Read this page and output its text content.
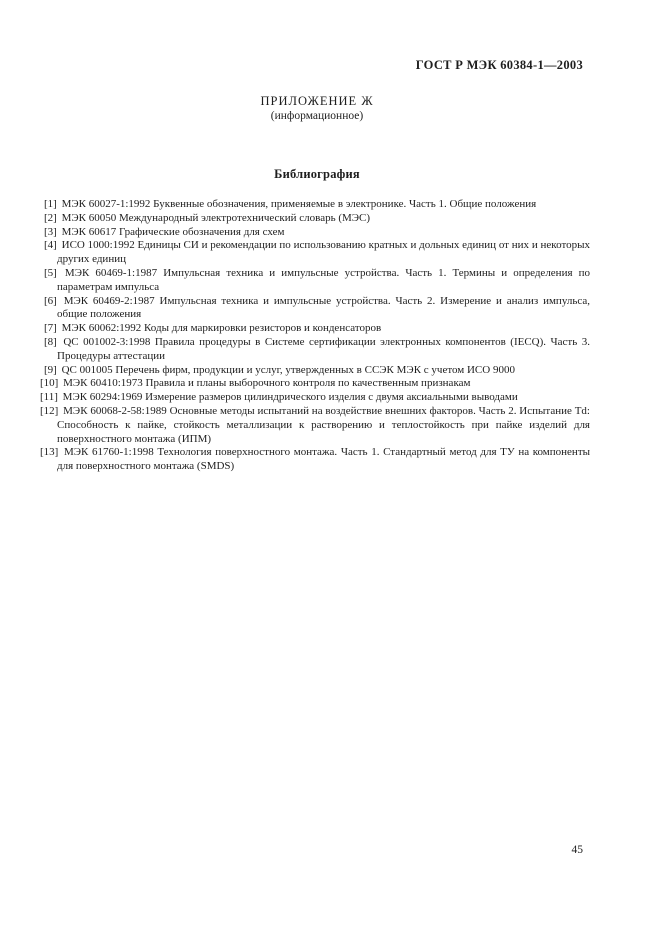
ГОСТ Р МЭК 60384-1—2003
ПРИЛОЖЕНИЕ Ж
(информационное)
Библиография

[1] МЭК 60027-1:1992 Буквенные обозначения, применяемые в электронике. Часть 1. Общие положения

[2] МЭК 60050 Международный электротехнический словарь (МЭС)

[3] МЭК 60617 Графические обозначения для схем

[4] ИСО 1000:1992 Единицы СИ и рекомендации по использованию кратных и дольных единиц от них и некоторых других единиц

[5] МЭК 60469-1:1987 Импульсная техника и импульсные устройства. Часть 1. Термины и определения по параметрам импульса

[6] МЭК 60469-2:1987 Импульсная техника и импульсные устройства. Часть 2. Измерение и анализ импульса, общие положения

[7] МЭК 60062:1992 Коды для маркировки резисторов и конденсаторов

[8] QC 001002-3:1998 Правила процедуры в Системе сертификации электронных компонентов (IECQ). Часть 3. Процедуры аттестации

[9] QC 001005 Перечень фирм, продукции и услуг, утвержденных в ССЭК МЭК с учетом ИСО 9000

[10] МЭК 60410:1973 Правила и планы выборочного контроля по качественным признакам

[11] МЭК 60294:1969 Измерение размеров цилиндрического изделия с двумя аксиальными выводами

[12] МЭК 60068-2-58:1989 Основные методы испытаний на воздействие внешних факторов. Часть 2. Испытание Td: Способность к пайке, стойкость металлизации к растворению и теплостойкость при пайке изделий для поверхностного монтажа (ИПМ)

[13] МЭК 61760-1:1998 Технология поверхностного монтажа. Часть 1. Стандартный метод для ТУ на компоненты для поверхностного монтажа (SMDS)

45
